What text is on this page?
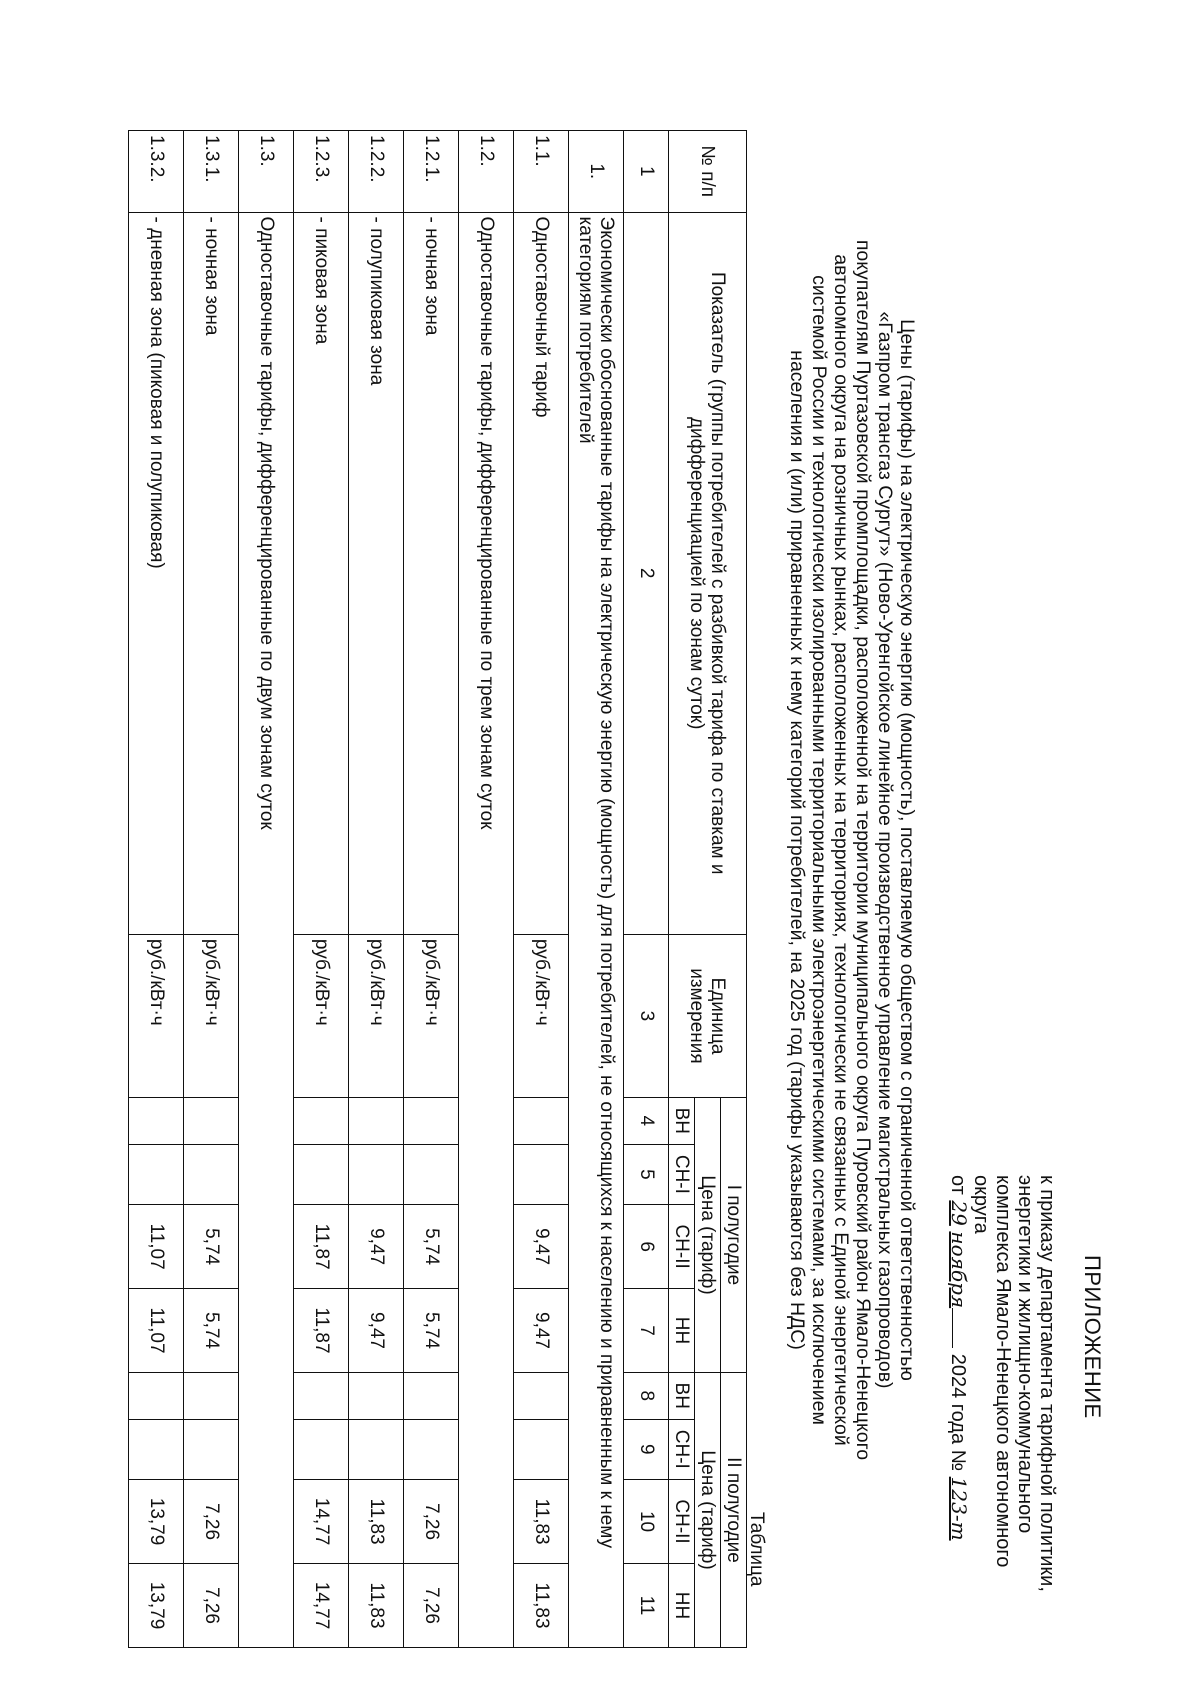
ПРИЛОЖЕНИЕ
к приказу департамента тарифной политики,
энергетики и жилищно-коммунального
комплекса Ямало-Ненецкого автономного
округа
от 29 ноября 2024 года № 123-т
Цены (тарифы) на электрическую энергию (мощность), поставляемую обществом с ограниченной ответственностью
«Газпром трансгаз Сургут» (Ново-Уренгойское линейное производственное управление магистральных газопроводов)
покупателям Пуртазовской промплощадки, расположенной на территории муниципального округа Пуровский район Ямало-Ненецкого
автономного округа на розничных рынках, расположенных на территориях, технологически не связанных с Единой энергетической
системой России и технологически изолированными территориальными электроэнергетическими системами, за исключением
населения и (или) приравненных к нему категорий потребителей, на 2025 год (тарифы указываются без НДС)
Таблица
№ п/п	Показатель (группы потребителей с разбивкой тарифа по ставкам и дифференциацией по зонам суток)	Единица измерения	I полугодие				II полугодие			
			Цена (тариф)				Цена (тариф)			
			ВН	СН-I	СН-II	НН	ВН	СН-I	СН-II	НН
1	2	3	4	5	6	7	8	9	10	11
1.	Экономически обоснованные тарифы на электрическую энергию (мощность) для потребителей, не относящихся к населению и приравненным к нему категориям потребителей									
1.1.	Одноставочный тариф	руб./кВт·ч			9,47	9,47			11,83	11,83
1.2.	Одноставочные тарифы, дифференцированные по трем зонам суток									
1.2.1.	- ночная зона	руб./кВт·ч			5,74	5,74			7,26	7,26
1.2.2.	- полупиковая зона	руб./кВт·ч			9,47	9,47			11,83	11,83
1.2.3.	- пиковая зона	руб./кВт·ч			11,87	11,87			14,77	14,77
1.3.	Одноставочные тарифы, дифференцированные по двум зонам суток									
1.3.1.	- ночная зона	руб./кВт·ч			5,74	5,74			7,26	7,26
1.3.2.	- дневная зона (пиковая и полупиковая)	руб./кВт·ч			11,07	11,07			13,79	13,79
